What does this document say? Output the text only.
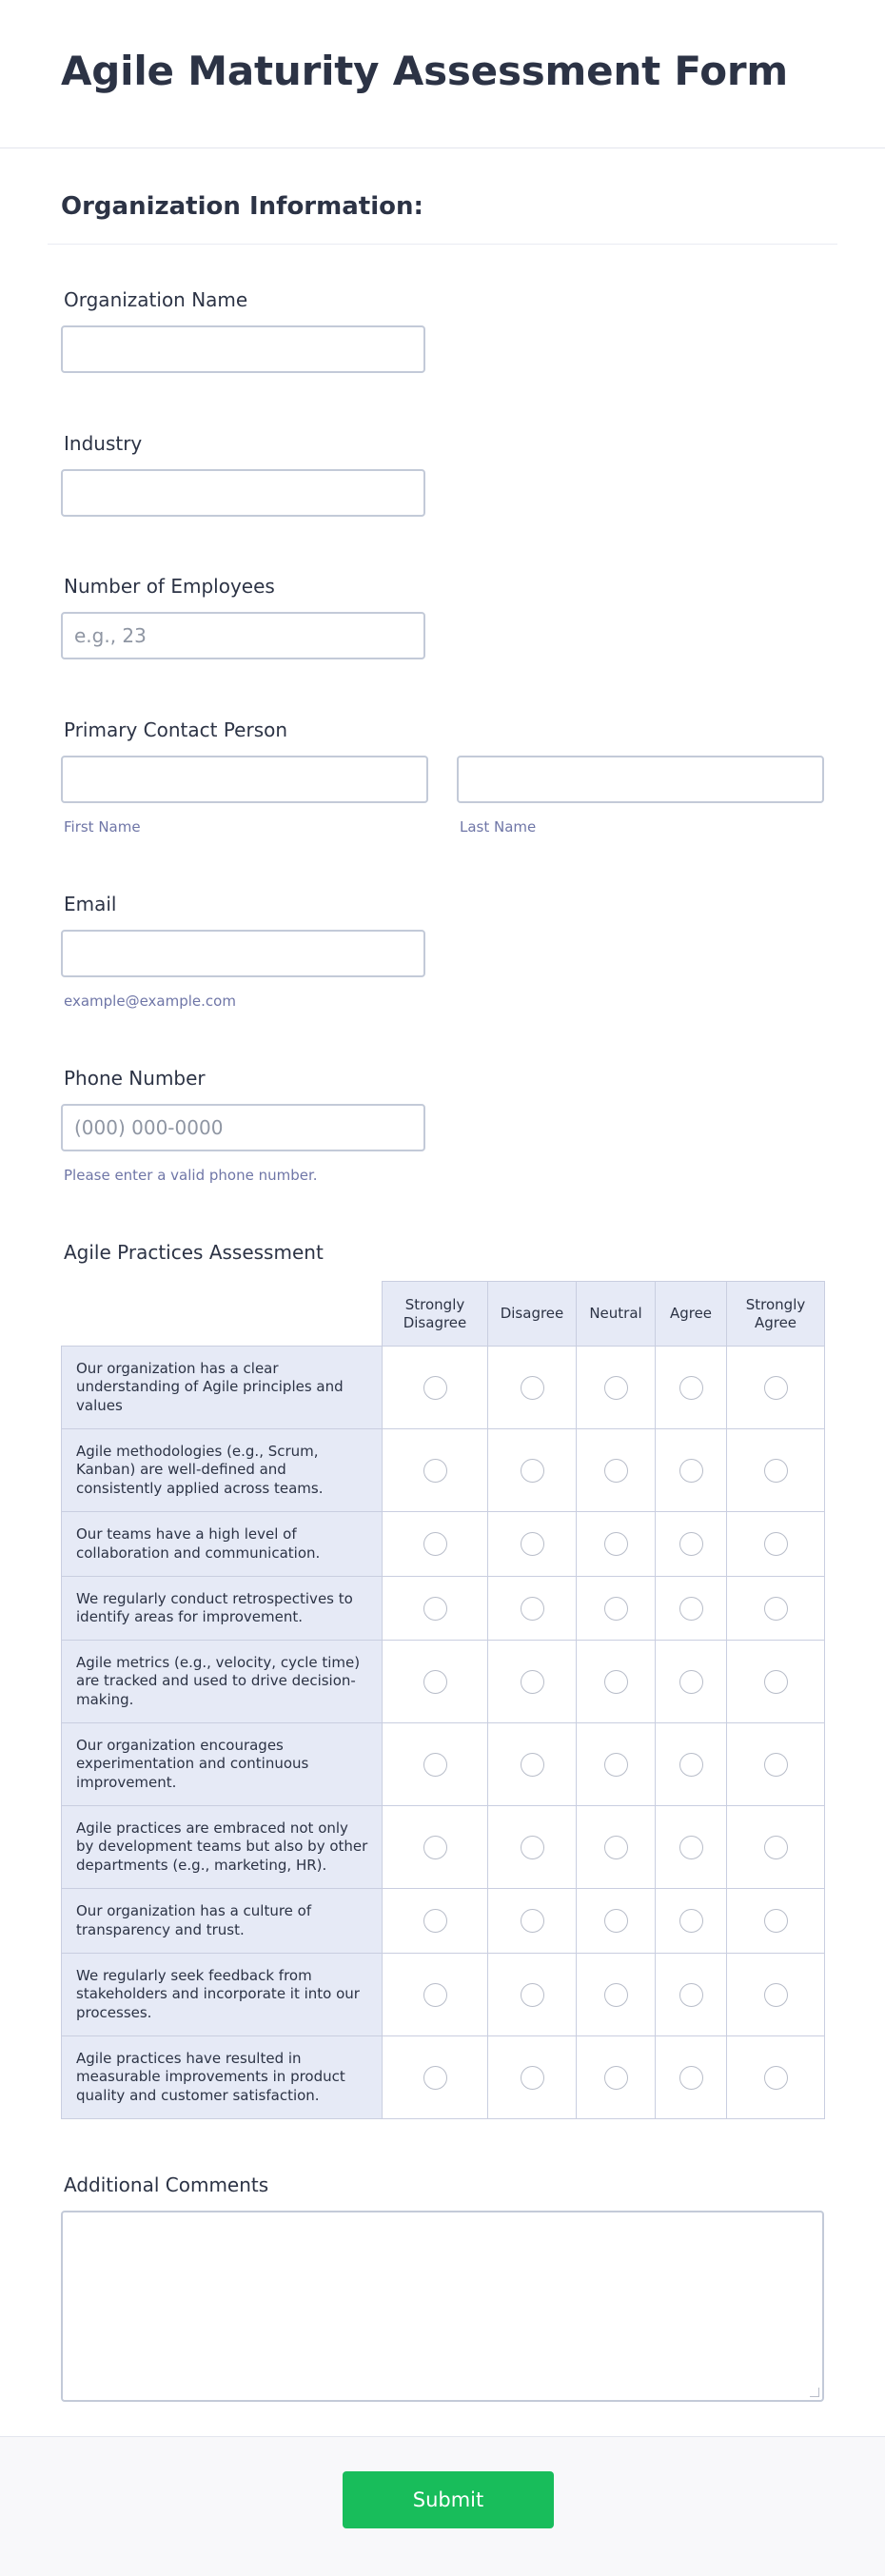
Agile Maturity Assessment Form
Organization Information:
Organization Name
Industry
Number of Employees
e.g., 23
Primary Contact Person
First Name	Last Name
Email
example@example.com
Phone Number
(000) 000-0000
Please enter a valid phone number.
Agile Practices Assessment
	Strongly Disagree	Disagree	Neutral	Agree	Strongly Agree
Our organization has a clear understanding of Agile principles and values					
Agile methodologies (e.g., Scrum, Kanban) are well-defined and consistently applied across teams.					
Our teams have a high level of collaboration and communication.					
We regularly conduct retrospectives to identify areas for improvement.					
Agile metrics (e.g., velocity, cycle time) are tracked and used to drive decision-making.					
Our organization encourages experimentation and continuous improvement.					
Agile practices are embraced not only by development teams but also by other departments (e.g., marketing, HR).					
Our organization has a culture of transparency and trust.					
We regularly seek feedback from stakeholders and incorporate it into our processes.					
Agile practices have resulted in measurable improvements in product quality and customer satisfaction.					
Additional Comments
Submit
